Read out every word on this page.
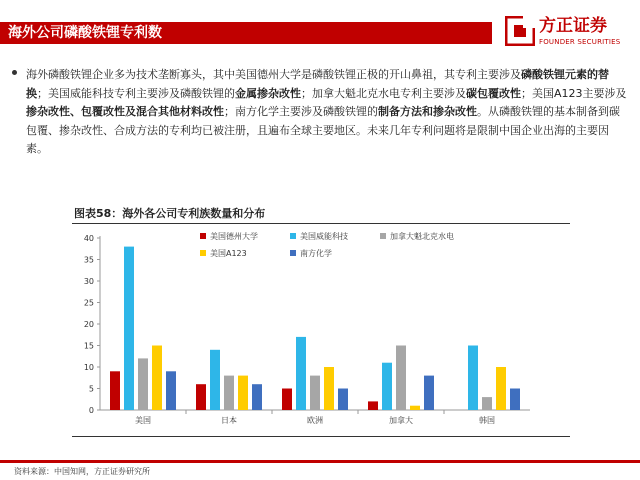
海外公司磷酸铁锂专利数	方正证券
FOUNDER SECURITIES
海外磷酸铁锂企业多为技术垄断寡头，其中美国德州大学是磷酸铁锂正极的开山鼻祖，其专利主要涉及磷酸铁锂元素的替换；美国威能科技专利主要涉及磷酸铁锂的金属掺杂改性；加拿大魁北克水电专利主要涉及碳包覆改性；美国A123主要涉及掺杂改性、包覆改性及混合其他材料改性；南方化学主要涉及磷酸铁锂的制备方法和掺杂改性。从磷酸铁锂的基本制备到碳包覆、掺杂改性、合成方法的专利均已被注册，且遍布全球主要地区。未来几年专利问题将是限制中国企业出海的主要因素。
图表58：海外各公司专利族数量和分布
0
5
10
15
20
25
30
35
40
美国	日本	欧洲	加拿大	韩国
美国德州大学	美国威能科技	加拿大魁北克水电
美国A123	南方化学
资料来源：中国知网，方正证券研究所
